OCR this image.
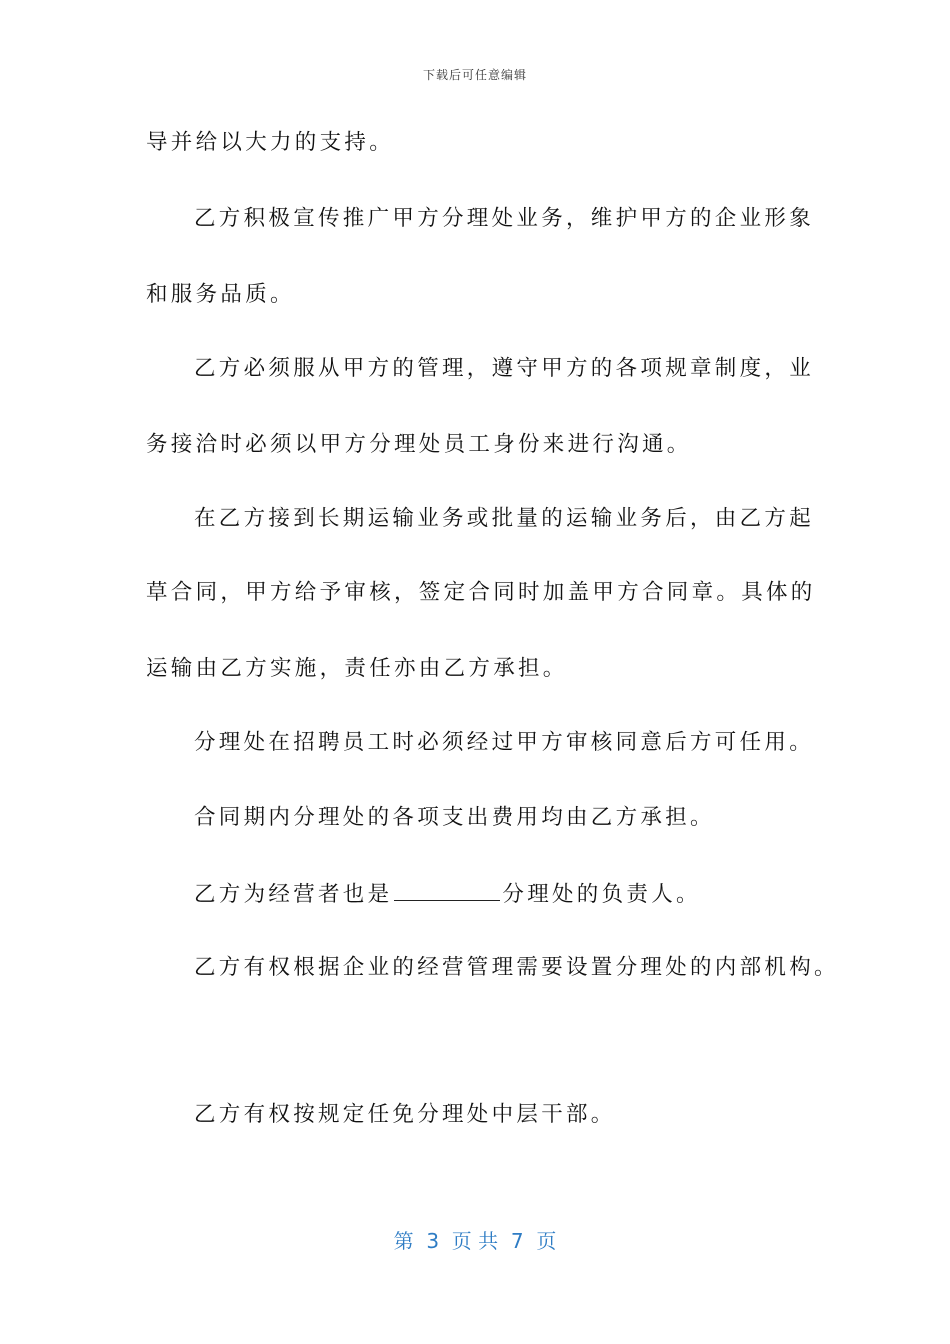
下载后可任意编辑
导并给以大力的支持。
乙方积极宣传推广甲方分理处业务，维护甲方的企业形象
和服务品质。
乙方必须服从甲方的管理，遵守甲方的各项规章制度，业
务接洽时必须以甲方分理处员工身份来进行沟通。
在乙方接到长期运输业务或批量的运输业务后，由乙方起
草合同，甲方给予审核，签定合同时加盖甲方合同章。具体的
运输由乙方实施，责任亦由乙方承担。
分理处在招聘员工时必须经过甲方审核同意后方可任用。
合同期内分理处的各项支出费用均由乙方承担。
乙方为经营者也是	分理处的负责人。
乙方有权根据企业的经营管理需要设置分理处的内部机构。
乙方有权按规定任免分理处中层干部。
第  3  页 共  7  页
